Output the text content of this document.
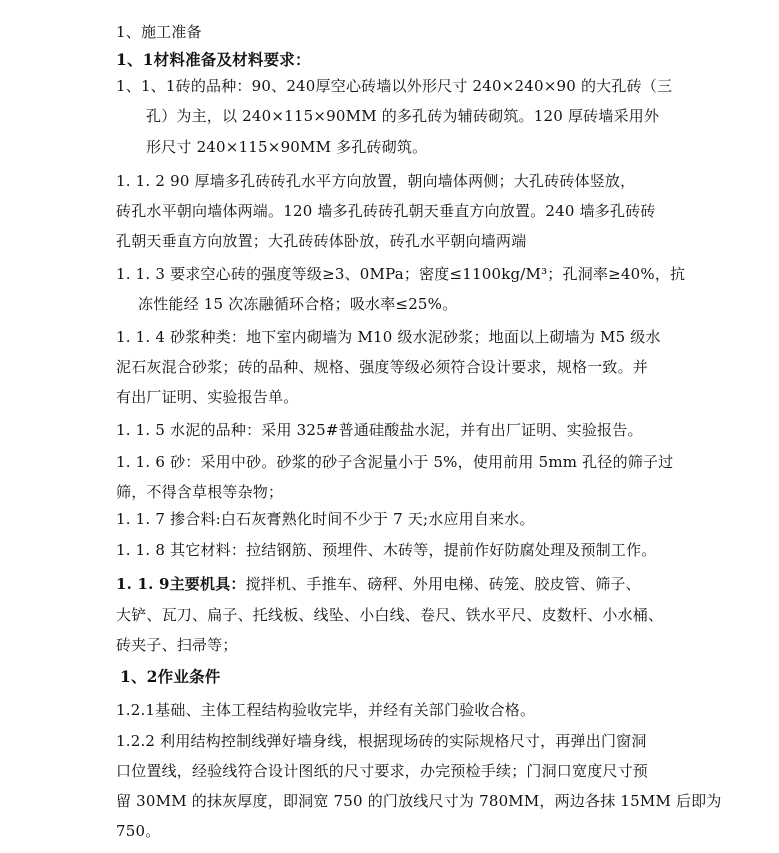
1、施工准备
1、1材料准备及材料要求：
1、1、1砖的品种：90、240厚空心砖墙以外形尺寸 240×240×90 的大孔砖（三
孔）为主，以 240×115×90MM 的多孔砖为辅砖砌筑。120 厚砖墙采用外
形尺寸 240×115×90MM 多孔砖砌筑。
1. 1. 2 90 厚墙多孔砖砖孔水平方向放置，朝向墙体两侧；大孔砖砖体竖放，
砖孔水平朝向墙体两端。120 墙多孔砖砖孔朝天垂直方向放置。240 墙多孔砖砖
孔朝天垂直方向放置；大孔砖砖体卧放，砖孔水平朝向墙两端
1. 1. 3 要求空心砖的强度等级≥3、0MPa；密度≤1100kg/M³；孔洞率≥40%，抗
冻性能经 15 次冻融循环合格；吸水率≤25%。
1. 1. 4 砂浆种类：地下室内砌墙为 M10 级水泥砂浆；地面以上砌墙为 M5 级水
泥石灰混合砂浆；砖的品种、规格、强度等级必须符合设计要求，规格一致。并
有出厂证明、实验报告单。
1. 1. 5 水泥的品种：采用 325#普通硅酸盐水泥，并有出厂证明、实验报告。
1. 1. 6 砂：采用中砂。砂浆的砂子含泥量小于 5%，使用前用 5mm 孔径的筛子过
筛，不得含草根等杂物；
1. 1. 7 掺合料:白石灰膏熟化时间不少于 7 天;水应用自来水。
1. 1. 8 其它材料：拉结钢筋、预埋件、木砖等，提前作好防腐处理及预制工作。
1. 1. 9主要机具：搅拌机、手推车、磅秤、外用电梯、砖笼、胶皮管、筛子、
大铲、瓦刀、扁子、托线板、线坠、小白线、卷尺、铁水平尺、皮数杆、小水桶、
砖夹子、扫帚等；
1、2作业条件
1.2.1基础、主体工程结构验收完毕，并经有关部门验收合格。
1.2.2 利用结构控制线弹好墙身线，根据现场砖的实际规格尺寸，再弹出门窗洞
口位置线，经验线符合设计图纸的尺寸要求，办完预检手续；门洞口宽度尺寸预
留 30MM 的抹灰厚度，即洞宽 750 的门放线尺寸为 780MM，两边各抹 15MM 后即为
750。
